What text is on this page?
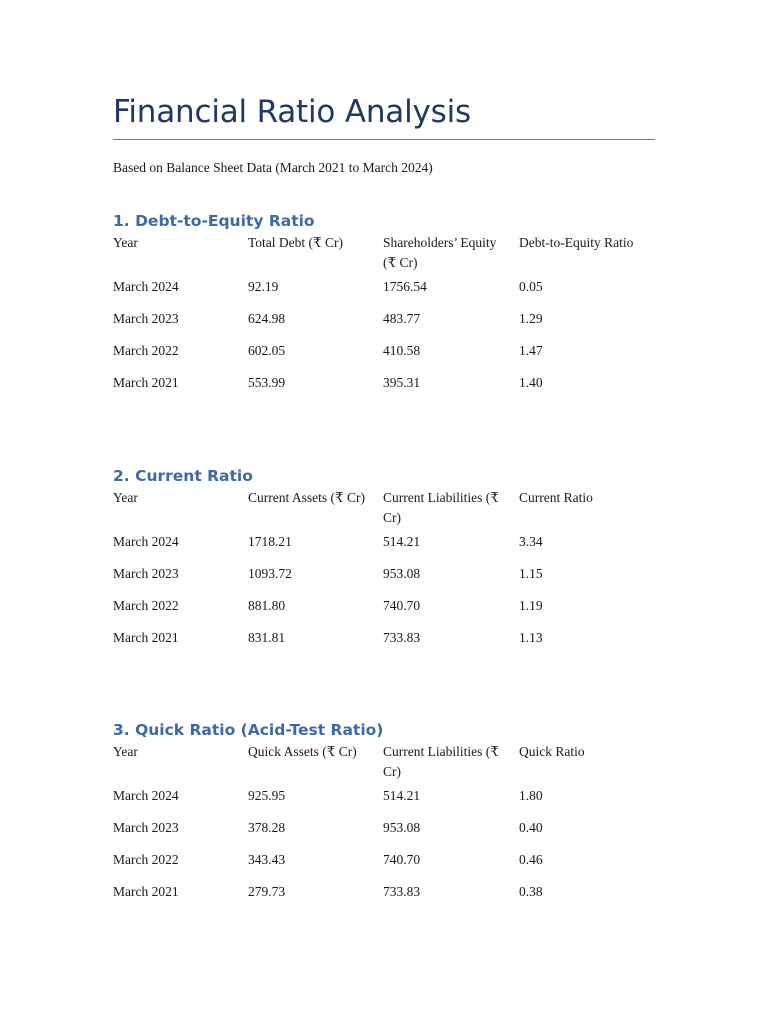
Financial Ratio Analysis
Based on Balance Sheet Data (March 2021 to March 2024)
1. Debt-to-Equity Ratio
Year	Total Debt (₹ Cr)	Shareholders’ Equity (₹ Cr)	Debt-to-Equity Ratio
March 2024	92.19	1756.54	0.05
March 2023	624.98	483.77	1.29
March 2022	602.05	410.58	1.47
March 2021	553.99	395.31	1.40
2. Current Ratio
Year	Current Assets (₹ Cr)	Current Liabilities (₹ Cr)	Current Ratio
March 2024	1718.21	514.21	3.34
March 2023	1093.72	953.08	1.15
March 2022	881.80	740.70	1.19
March 2021	831.81	733.83	1.13
3. Quick Ratio (Acid-Test Ratio)
Year	Quick Assets (₹ Cr)	Current Liabilities (₹ Cr)	Quick Ratio
March 2024	925.95	514.21	1.80
March 2023	378.28	953.08	0.40
March 2022	343.43	740.70	0.46
March 2021	279.73	733.83	0.38
